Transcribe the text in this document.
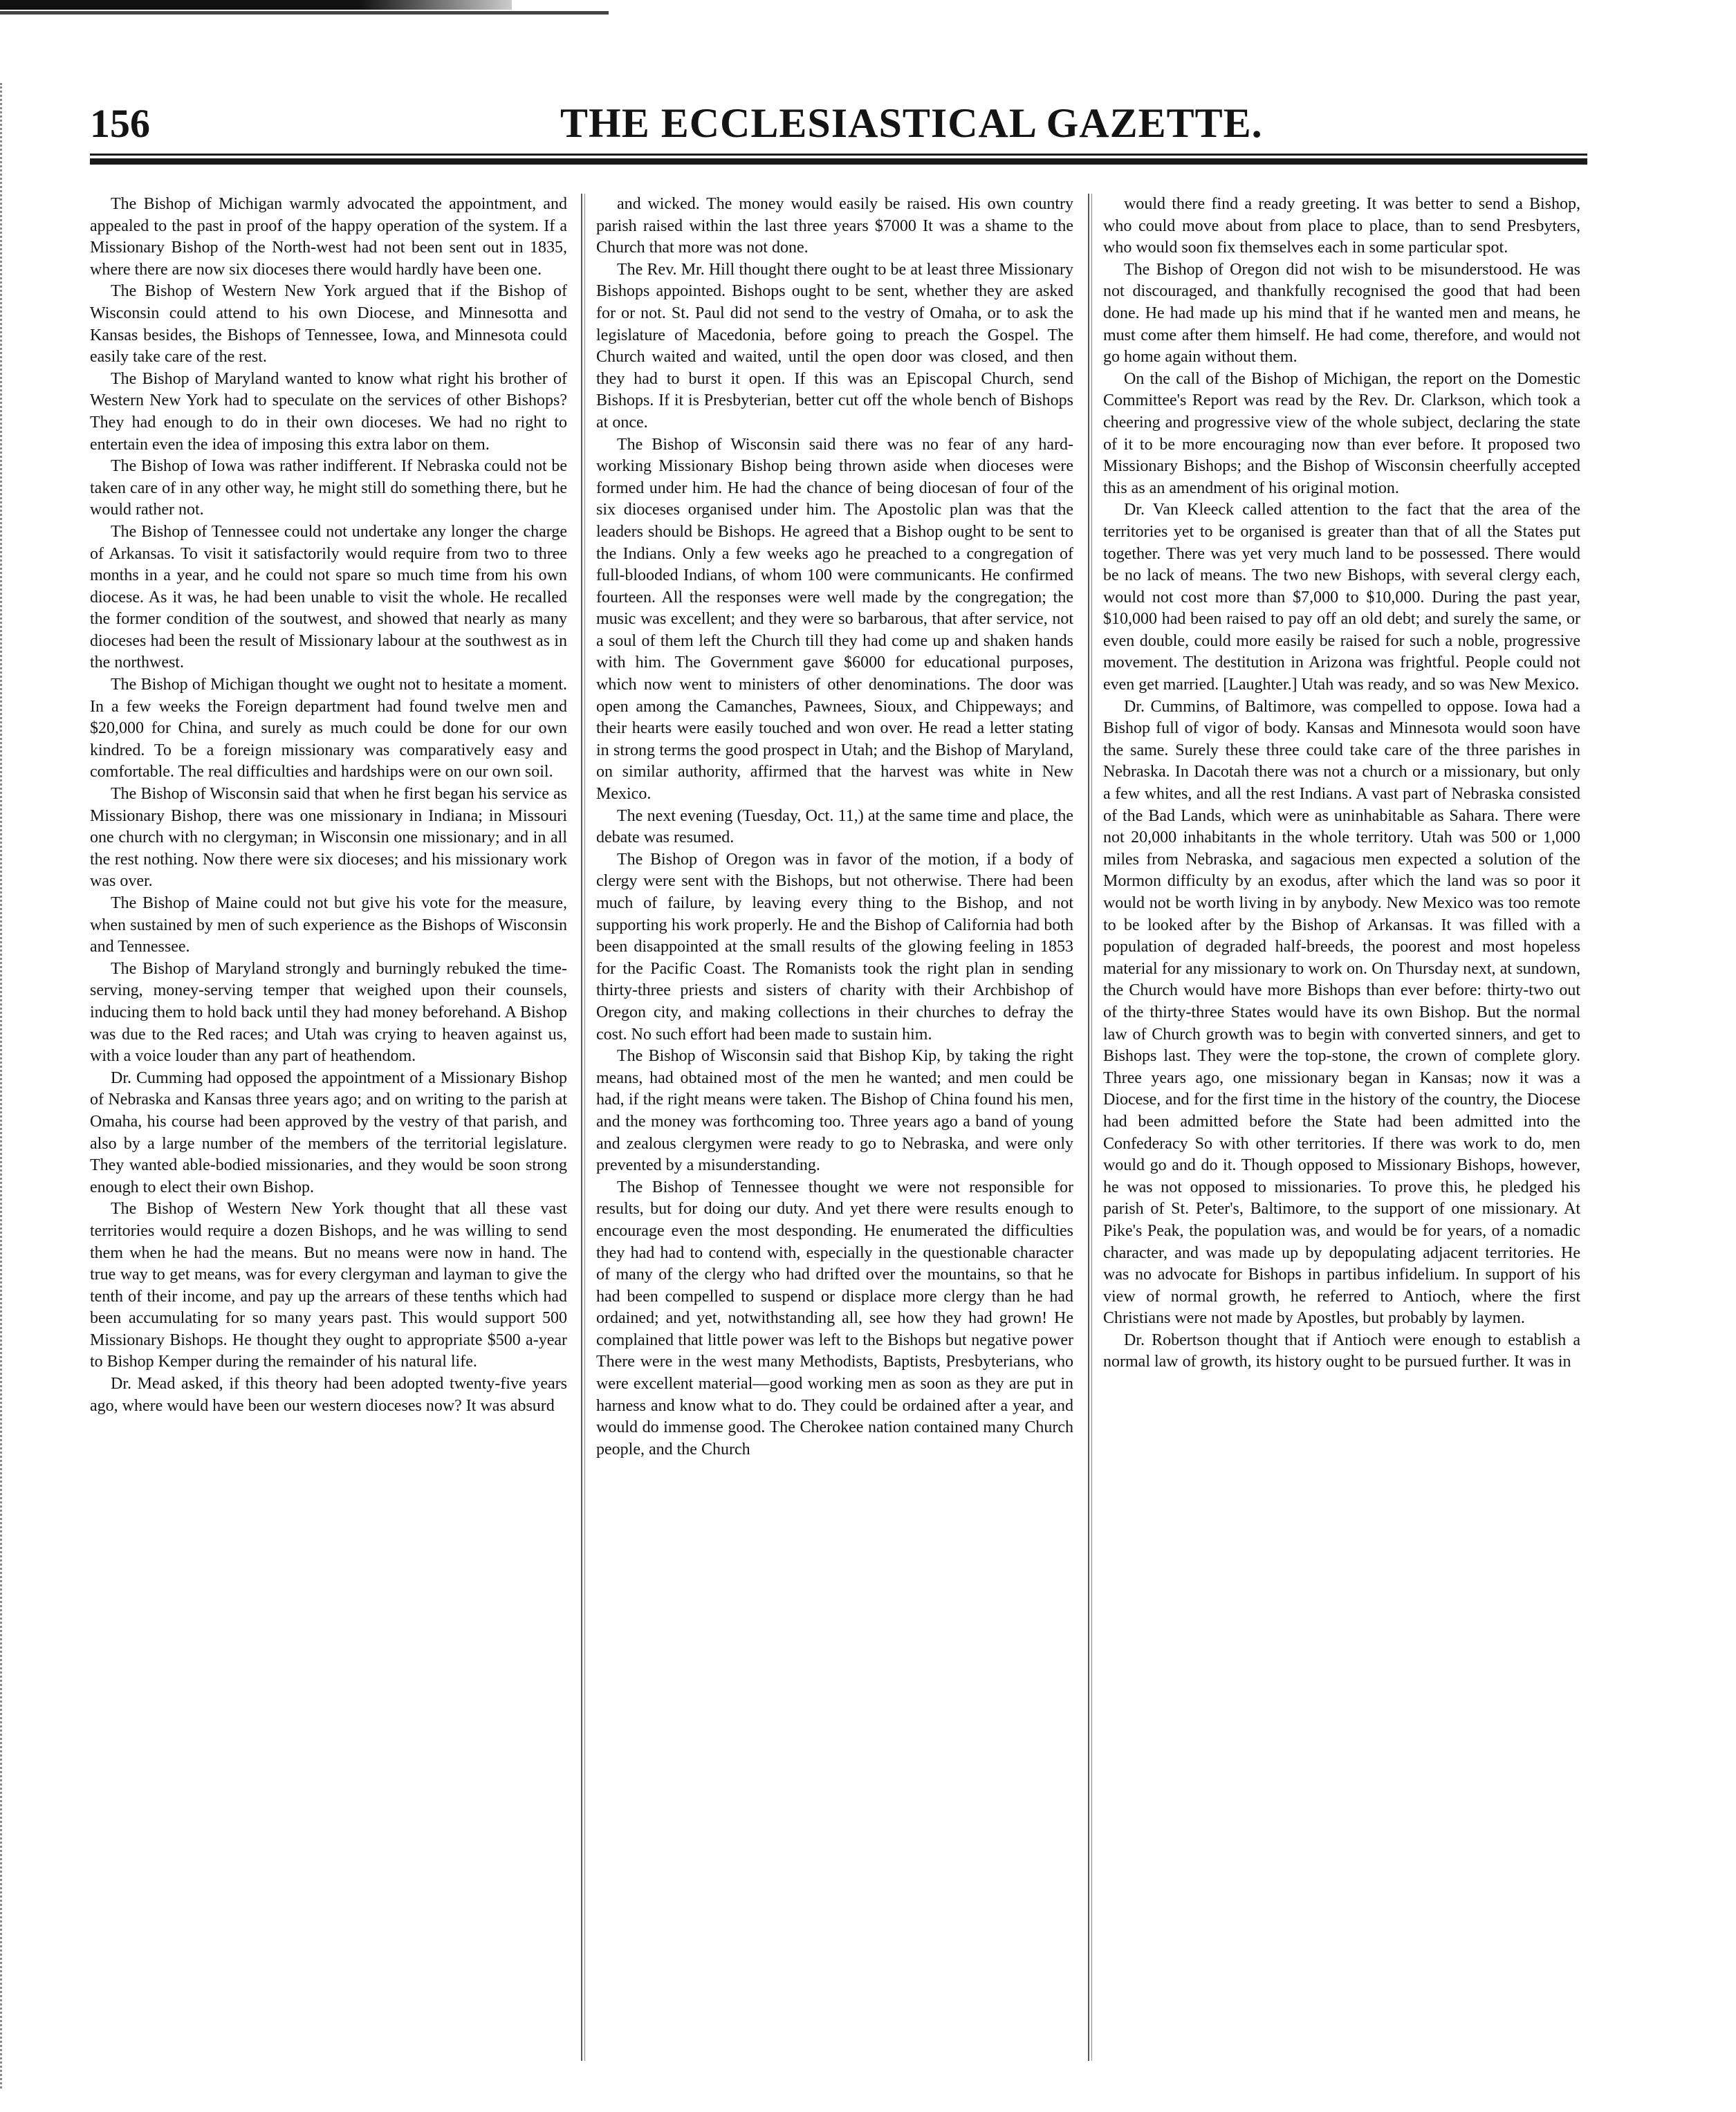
156	THE ECCLESIASTICAL GAZETTE.

The Bishop of Michigan warmly advocated the appointment, and appealed to the past in proof of the happy operation of the system. If a Missionary Bishop of the North-west had not been sent out in 1835, where there are now six dioceses there would hardly have been one.

The Bishop of Western New York argued that if the Bishop of Wisconsin could attend to his own Diocese, and Minnesotta and Kansas besides, the Bishops of Tennessee, Iowa, and Minnesota could easily take care of the rest.

The Bishop of Maryland wanted to know what right his brother of Western New York had to speculate on the services of other Bishops? They had enough to do in their own dioceses. We had no right to entertain even the idea of imposing this extra labor on them.

The Bishop of Iowa was rather indifferent. If Nebraska could not be taken care of in any other way, he might still do something there, but he would rather not.

The Bishop of Tennessee could not undertake any longer the charge of Arkansas. To visit it satisfactorily would require from two to three months in a year, and he could not spare so much time from his own diocese. As it was, he had been unable to visit the whole. He recalled the former condition of the soutwest, and showed that nearly as many dioceses had been the result of Missionary labour at the southwest as in the northwest.

The Bishop of Michigan thought we ought not to hesitate a moment. In a few weeks the Foreign department had found twelve men and $20,000 for China, and surely as much could be done for our own kindred. To be a foreign missionary was comparatively easy and comfortable. The real difficulties and hardships were on our own soil.

The Bishop of Wisconsin said that when he first began his service as Missionary Bishop, there was one missionary in Indiana; in Missouri one church with no clergyman; in Wisconsin one missionary; and in all the rest nothing. Now there were six dioceses; and his missionary work was over.

The Bishop of Maine could not but give his vote for the measure, when sustained by men of such experience as the Bishops of Wisconsin and Tennessee.

The Bishop of Maryland strongly and burningly rebuked the time-serving, money-serving temper that weighed upon their counsels, inducing them to hold back until they had money beforehand. A Bishop was due to the Red races; and Utah was crying to heaven against us, with a voice louder than any part of heathendom.

Dr. Cumming had opposed the appointment of a Missionary Bishop of Nebraska and Kansas three years ago; and on writing to the parish at Omaha, his course had been approved by the vestry of that parish, and also by a large number of the members of the territorial legislature. They wanted able-bodied missionaries, and they would be soon strong enough to elect their own Bishop.

The Bishop of Western New York thought that all these vast territories would require a dozen Bishops, and he was willing to send them when he had the means. But no means were now in hand. The true way to get means, was for every clergyman and layman to give the tenth of their income, and pay up the arrears of these tenths which had been accumulating for so many years past. This would support 500 Missionary Bishops. He thought they ought to appropriate $500 a-year to Bishop Kemper during the remainder of his natural life.

Dr. Mead asked, if this theory had been adopted twenty-five years ago, where would have been our western dioceses now? It was absurd

and wicked. The money would easily be raised. His own country parish raised within the last three years $7000 It was a shame to the Church that more was not done.

The Rev. Mr. Hill thought there ought to be at least three Missionary Bishops appointed. Bishops ought to be sent, whether they are asked for or not. St. Paul did not send to the vestry of Omaha, or to ask the legislature of Macedonia, before going to preach the Gospel. The Church waited and waited, until the open door was closed, and then they had to burst it open. If this was an Episcopal Church, send Bishops. If it is Presbyterian, better cut off the whole bench of Bishops at once.

The Bishop of Wisconsin said there was no fear of any hard-working Missionary Bishop being thrown aside when dioceses were formed under him. He had the chance of being diocesan of four of the six dioceses organised under him. The Apostolic plan was that the leaders should be Bishops. He agreed that a Bishop ought to be sent to the Indians. Only a few weeks ago he preached to a congregation of full-blooded Indians, of whom 100 were communicants. He confirmed fourteen. All the responses were well made by the congregation; the music was excellent; and they were so barbarous, that after service, not a soul of them left the Church till they had come up and shaken hands with him. The Government gave $6000 for educational purposes, which now went to ministers of other denominations. The door was open among the Camanches, Pawnees, Sioux, and Chippeways; and their hearts were easily touched and won over. He read a letter stating in strong terms the good prospect in Utah; and the Bishop of Maryland, on similar authority, affirmed that the harvest was white in New Mexico.

The next evening (Tuesday, Oct. 11,) at the same time and place, the debate was resumed.

The Bishop of Oregon was in favor of the motion, if a body of clergy were sent with the Bishops, but not otherwise. There had been much of failure, by leaving every thing to the Bishop, and not supporting his work properly. He and the Bishop of California had both been disappointed at the small results of the glowing feeling in 1853 for the Pacific Coast. The Romanists took the right plan in sending thirty-three priests and sisters of charity with their Archbishop of Oregon city, and making collections in their churches to defray the cost. No such effort had been made to sustain him.

The Bishop of Wisconsin said that Bishop Kip, by taking the right means, had obtained most of the men he wanted; and men could be had, if the right means were taken. The Bishop of China found his men, and the money was forthcoming too. Three years ago a band of young and zealous clergymen were ready to go to Nebraska, and were only prevented by a misunderstanding.

The Bishop of Tennessee thought we were not responsible for results, but for doing our duty. And yet there were results enough to encourage even the most desponding. He enumerated the difficulties they had had to contend with, especially in the questionable character of many of the clergy who had drifted over the mountains, so that he had been compelled to suspend or displace more clergy than he had ordained; and yet, notwithstanding all, see how they had grown! He complained that little power was left to the Bishops but negative power There were in the west many Methodists, Baptists, Presbyterians, who were excellent material—good working men as soon as they are put in harness and know what to do. They could be ordained after a year, and would do immense good. The Cherokee nation contained many Church people, and the Church

would there find a ready greeting. It was better to send a Bishop, who could move about from place to place, than to send Presbyters, who would soon fix themselves each in some particular spot.

The Bishop of Oregon did not wish to be misunderstood. He was not discouraged, and thankfully recognised the good that had been done. He had made up his mind that if he wanted men and means, he must come after them himself. He had come, therefore, and would not go home again without them.

On the call of the Bishop of Michigan, the report on the Domestic Committee's Report was read by the Rev. Dr. Clarkson, which took a cheering and progressive view of the whole subject, declaring the state of it to be more encouraging now than ever before. It proposed two Missionary Bishops; and the Bishop of Wisconsin cheerfully accepted this as an amendment of his original motion.

Dr. Van Kleeck called attention to the fact that the area of the territories yet to be organised is greater than that of all the States put together. There was yet very much land to be possessed. There would be no lack of means. The two new Bishops, with several clergy each, would not cost more than $7,000 to $10,000. During the past year, $10,000 had been raised to pay off an old debt; and surely the same, or even double, could more easily be raised for such a noble, progressive movement. The destitution in Arizona was frightful. People could not even get married. [Laughter.] Utah was ready, and so was New Mexico.

Dr. Cummins, of Baltimore, was compelled to oppose. Iowa had a Bishop full of vigor of body. Kansas and Minnesota would soon have the same. Surely these three could take care of the three parishes in Nebraska. In Dacotah there was not a church or a missionary, but only a few whites, and all the rest Indians. A vast part of Nebraska consisted of the Bad Lands, which were as uninhabitable as Sahara. There were not 20,000 inhabitants in the whole territory. Utah was 500 or 1,000 miles from Nebraska, and sagacious men expected a solution of the Mormon difficulty by an exodus, after which the land was so poor it would not be worth living in by anybody. New Mexico was too remote to be looked after by the Bishop of Arkansas. It was filled with a population of degraded half-breeds, the poorest and most hopeless material for any missionary to work on. On Thursday next, at sundown, the Church would have more Bishops than ever before: thirty-two out of the thirty-three States would have its own Bishop. But the normal law of Church growth was to begin with converted sinners, and get to Bishops last. They were the top-stone, the crown of complete glory. Three years ago, one missionary began in Kansas; now it was a Diocese, and for the first time in the history of the country, the Diocese had been admitted before the State had been admitted into the Confederacy So with other territories. If there was work to do, men would go and do it. Though opposed to Missionary Bishops, however, he was not opposed to missionaries. To prove this, he pledged his parish of St. Peter's, Baltimore, to the support of one missionary. At Pike's Peak, the population was, and would be for years, of a nomadic character, and was made up by depopulating adjacent territories. He was no advocate for Bishops in partibus infidelium. In support of his view of normal growth, he referred to Antioch, where the first Christians were not made by Apostles, but probably by laymen.

Dr. Robertson thought that if Antioch were enough to establish a normal law of growth, its history ought to be pursued further. It was in
